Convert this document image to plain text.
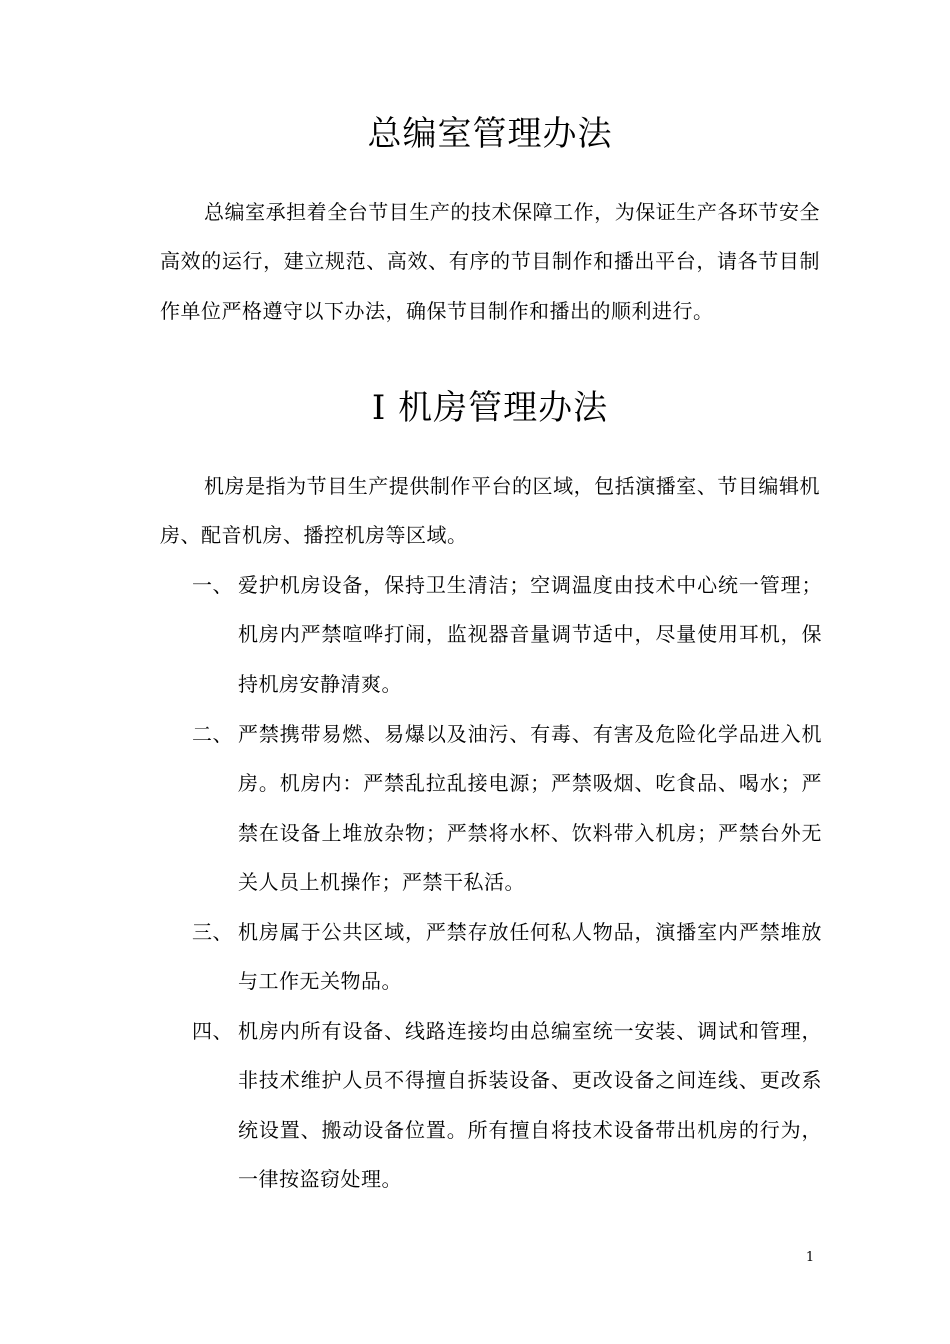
总编室管理办法

总编室承担着全台节目生产的技术保障工作，为保证生产各环节安全高效的运行，建立规范、高效、有序的节目制作和播出平台，请各节目制作单位严格遵守以下办法，确保节目制作和播出的顺利进行。

I 机房管理办法

机房是指为节目生产提供制作平台的区域，包括演播室、节目编辑机房、配音机房、播控机房等区域。

一、 爱护机房设备，保持卫生清洁；空调温度由技术中心统一管理；机房内严禁喧哗打闹，监视器音量调节适中，尽量使用耳机，保持机房安静清爽。
二、 严禁携带易燃、易爆以及油污、有毒、有害及危险化学品进入机房。机房内：严禁乱拉乱接电源；严禁吸烟、吃食品、喝水；严禁在设备上堆放杂物；严禁将水杯、饮料带入机房；严禁台外无关人员上机操作；严禁干私活。
三、 机房属于公共区域，严禁存放任何私人物品，演播室内严禁堆放与工作无关物品。
四、 机房内所有设备、线路连接均由总编室统一安装、调试和管理，非技术维护人员不得擅自拆装设备、更改设备之间连线、更改系统设置、搬动设备位置。所有擅自将技术设备带出机房的行为，一律按盗窃处理。
1
